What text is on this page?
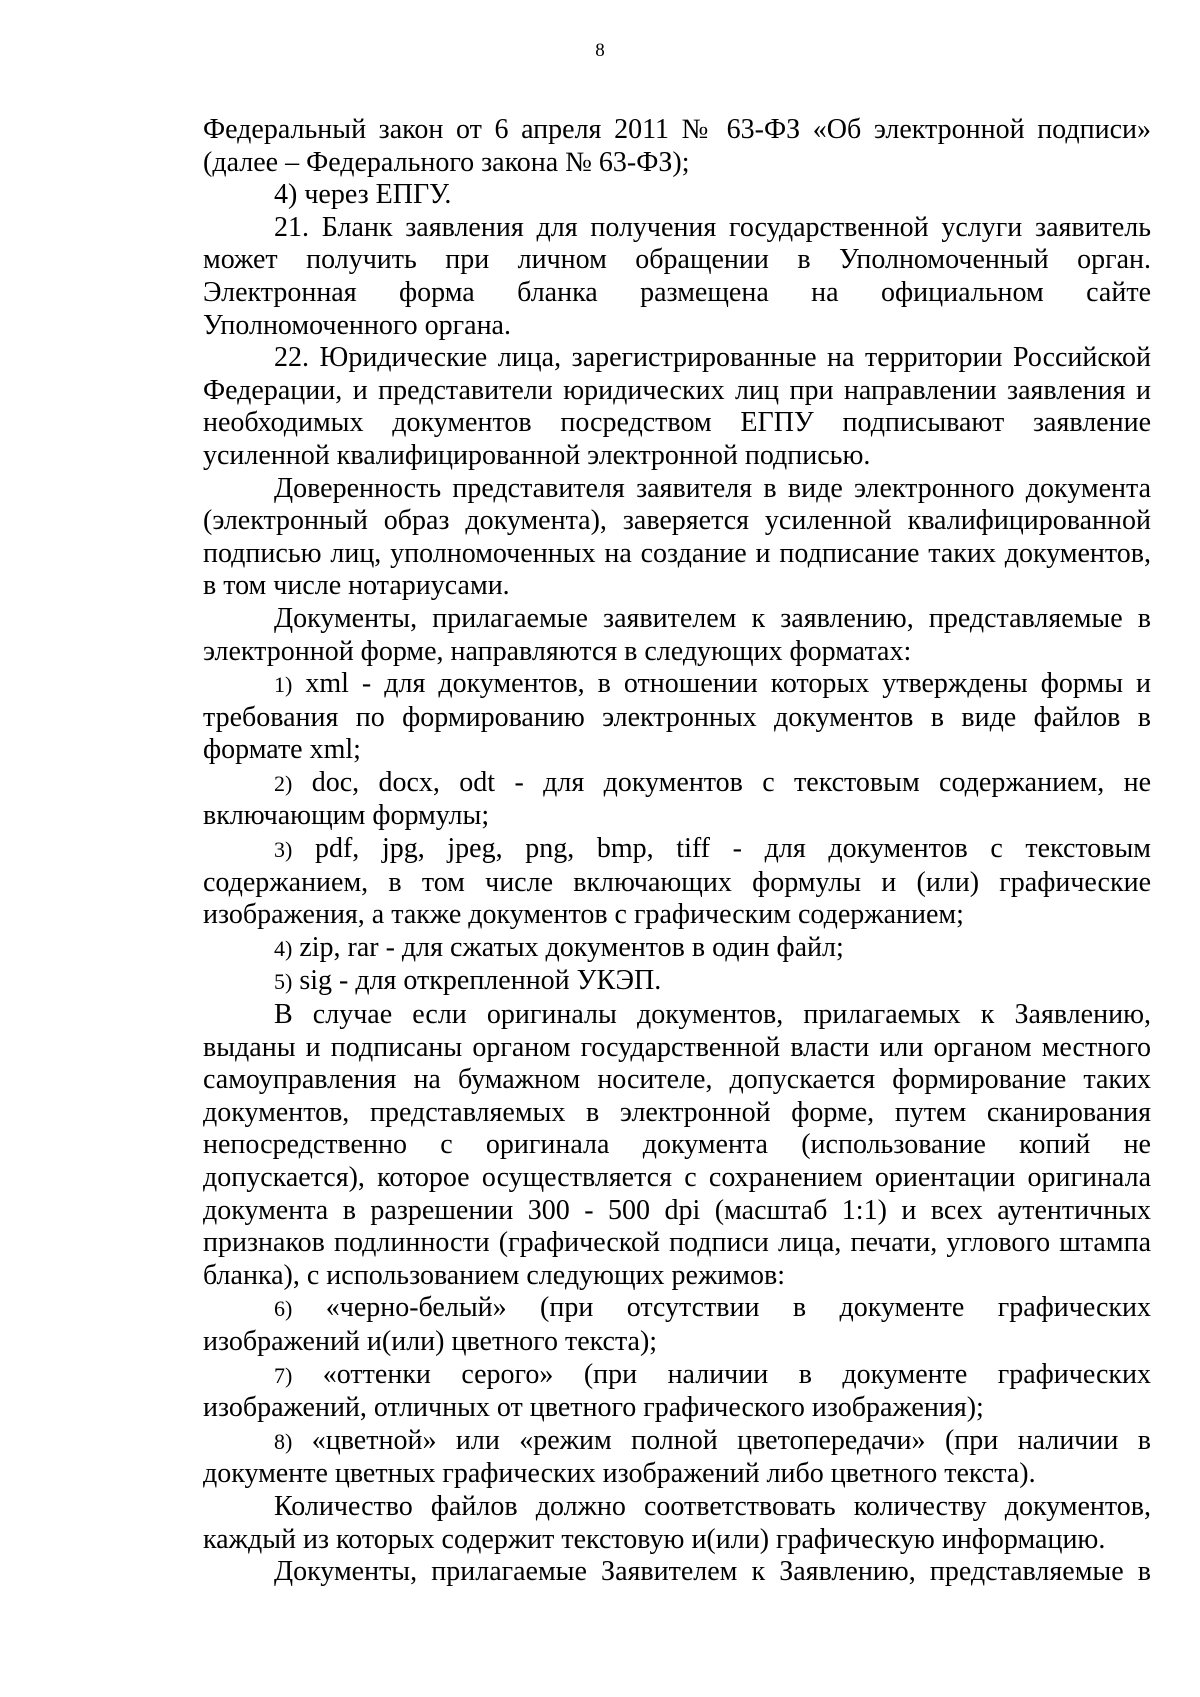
8

Федеральный закон от 6 апреля 2011 № 63-ФЗ «Об электронной подписи» (далее – Федерального закона № 63-ФЗ);

4) через ЕПГУ.

21. Бланк заявления для получения государственной услуги заявитель может получить при личном обращении в Уполномоченный орган. Электронная форма бланка размещена на официальном сайте Уполномоченного органа.

22. Юридические лица, зарегистрированные на территории Российской Федерации, и представители юридических лиц при направлении заявления и необходимых документов посредством ЕГПУ подписывают заявление усиленной квалифицированной электронной подписью.

Доверенность представителя заявителя в виде электронного документа (электронный образ документа), заверяется усиленной квалифицированной подписью лиц, уполномоченных на создание и подписание таких документов, в том числе нотариусами.

Документы, прилагаемые заявителем к заявлению, представляемые в электронной форме, направляются в следующих форматах:

1) xml - для документов, в отношении которых утверждены формы и требования по формированию электронных документов в виде файлов в формате xml;

2) doc, docx, odt - для документов с текстовым содержанием, не включающим формулы;

3) pdf, jpg, jpeg, png, bmp, tiff - для документов с текстовым содержанием, в том числе включающих формулы и (или) графические изображения, а также документов с графическим содержанием;

4) zip, rar - для сжатых документов в один файл;

5) sig - для открепленной УКЭП.

В случае если оригиналы документов, прилагаемых к Заявлению, выданы и подписаны органом государственной власти или органом местного самоуправления на бумажном носителе, допускается формирование таких документов, представляемых в электронной форме, путем сканирования непосредственно с оригинала документа (использование копий не допускается), которое осуществляется с сохранением ориентации оригинала документа в разрешении 300 - 500 dpi (масштаб 1:1) и всех аутентичных признаков подлинности (графической подписи лица, печати, углового штампа бланка), с использованием следующих режимов:

6) «черно-белый» (при отсутствии в документе графических изображений и(или) цветного текста);

7) «оттенки серого» (при наличии в документе графических изображений, отличных от цветного графического изображения);

8) «цветной» или «режим полной цветопередачи» (при наличии в документе цветных графических изображений либо цветного текста).

Количество файлов должно соответствовать количеству документов, каждый из которых содержит текстовую и(или) графическую информацию.

Документы, прилагаемые Заявителем к Заявлению, представляемые в
